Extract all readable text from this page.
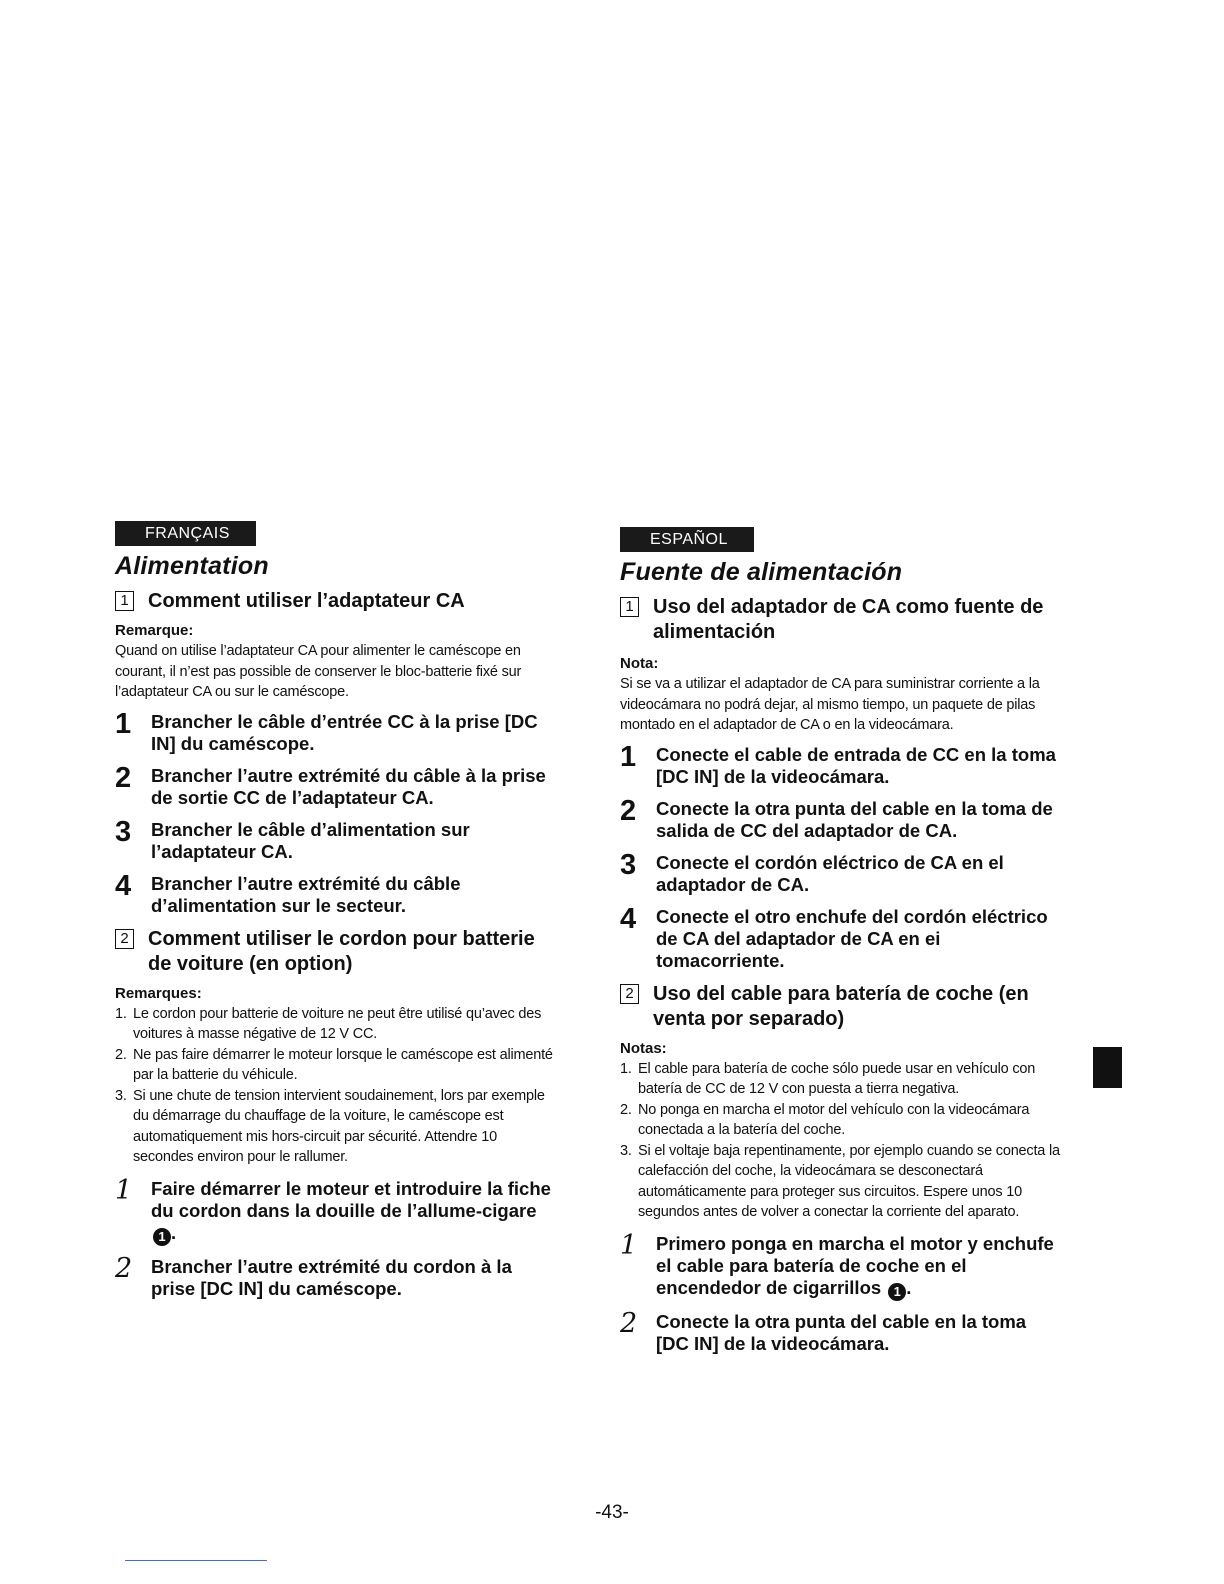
FRANÇAIS
Alimentation
1 Comment utiliser l’adaptateur CA
Remarque:
Quand on utilise l’adaptateur CA pour alimenter le caméscope en courant, il n’est pas possible de conserver le bloc-batterie fixé sur l’adaptateur CA ou sur le caméscope.
1	Brancher le câble d’entrée CC à la prise [DC IN] du caméscope.
2	Brancher l’autre extrémité du câble à la prise de sortie CC de l’adaptateur CA.
3	Brancher le câble d’alimentation sur l’adaptateur CA.
4	Brancher l’autre extrémité du câble d’alimentation sur le secteur.
2 Comment utiliser le cordon pour batterie de voiture (en option)
Remarques:
1. Le cordon pour batterie de voiture ne peut être utilisé qu’avec des voitures à masse négative de 12 V CC.
2. Ne pas faire démarrer le moteur lorsque le caméscope est alimenté par la batterie du véhicule.
3. Si une chute de tension intervient soudainement, lors par exemple du démarrage du chauffage de la voiture, le caméscope est automatiquement mis hors-circuit par sécurité. Attendre 10 secondes environ pour le rallumer.
1	Faire démarrer le moteur et introduire la fiche du cordon dans la douille de l’allume-cigare 1 .
2	Brancher l’autre extrémité du cordon à la prise [DC IN] du caméscope.
ESPAÑOL
Fuente de alimentación
1 Uso del adaptador de CA como fuente de alimentación
Nota:
Si se va a utilizar el adaptador de CA para suministrar corriente a la videocámara no podrá dejar, al mismo tiempo, un paquete de pilas montado en el adaptador de CA o en la videocámara.
1	Conecte el cable de entrada de CC en la toma [DC IN] de la videocámara.
2	Conecte la otra punta del cable en la toma de salida de CC del adaptador de CA.
3	Conecte el cordón eléctrico de CA en el adaptador de CA.
4	Conecte el otro enchufe del cordón eléctrico de CA del adaptador de CA en ei tomacorriente.
2 Uso del cable para batería de coche (en venta por separado)
Notas:
1. El cable para batería de coche sólo puede usar en vehículo con batería de CC de 12 V con puesta a tierra negativa.
2. No ponga en marcha el motor del vehículo con la videocámara conectada a la batería del coche.
3. Si el voltaje baja repentinamente, por ejemplo cuando se conecta la calefacción del coche, la videocámara se desconectará automáticamente para proteger sus circuitos. Espere unos 10 segundos antes de volver a conectar la corriente del aparato.
1	Primero ponga en marcha el motor y enchufe el cable para batería de coche en el encendedor de cigarrillos 1 .
2	Conecte la otra punta del cable en la toma [DC IN] de la videocámara.
-43-
